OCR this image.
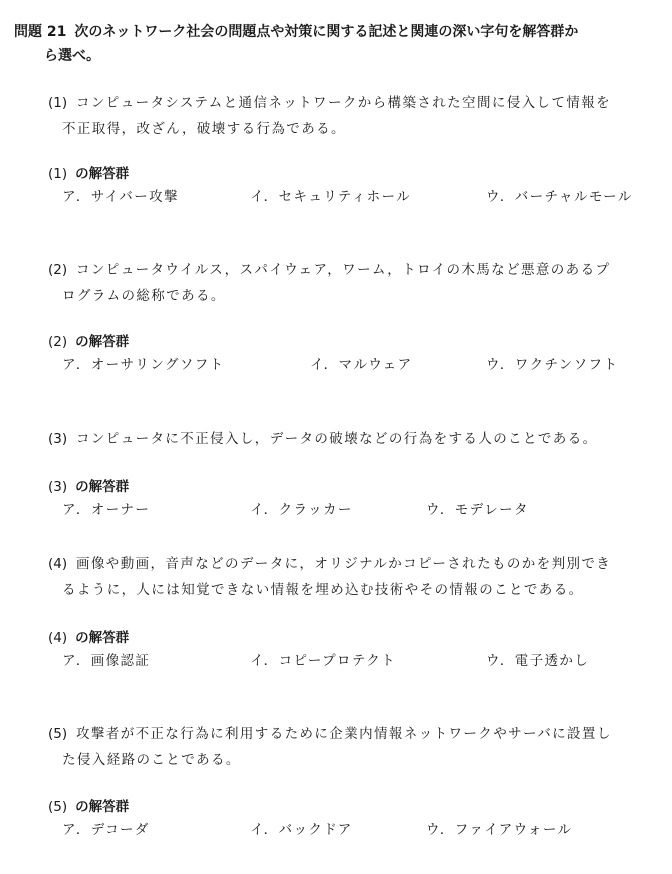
問題 21 次のネットワーク社会の問題点や対策に関する記述と関連の深い字句を解答群か
ら選べ。
(1) コンピュータシステムと通信ネットワークから構築された空間に侵入して情報を
不正取得，改ざん，破壊する行為である。
(1) の解答群
ア．サイバー攻撃	イ．セキュリティホール	ウ．バーチャルモール
(2) コンピュータウイルス，スパイウェア，ワーム，トロイの木馬など悪意のあるプ
ログラムの総称である。
(2) の解答群
ア．オーサリングソフト	イ．マルウェア	ウ．ワクチンソフト
(3) コンピュータに不正侵入し，データの破壊などの行為をする人のことである。
(3) の解答群
ア．オーナー	イ．クラッカー	ウ．モデレータ
(4) 画像や動画，音声などのデータに，オリジナルかコピーされたものかを判別でき
るように，人には知覚できない情報を埋め込む技術やその情報のことである。
(4) の解答群
ア．画像認証	イ．コピープロテクト	ウ．電子透かし
(5) 攻撃者が不正な行為に利用するために企業内情報ネットワークやサーバに設置し
た侵入経路のことである。
(5) の解答群
ア．デコーダ	イ．バックドア	ウ．ファイアウォール
